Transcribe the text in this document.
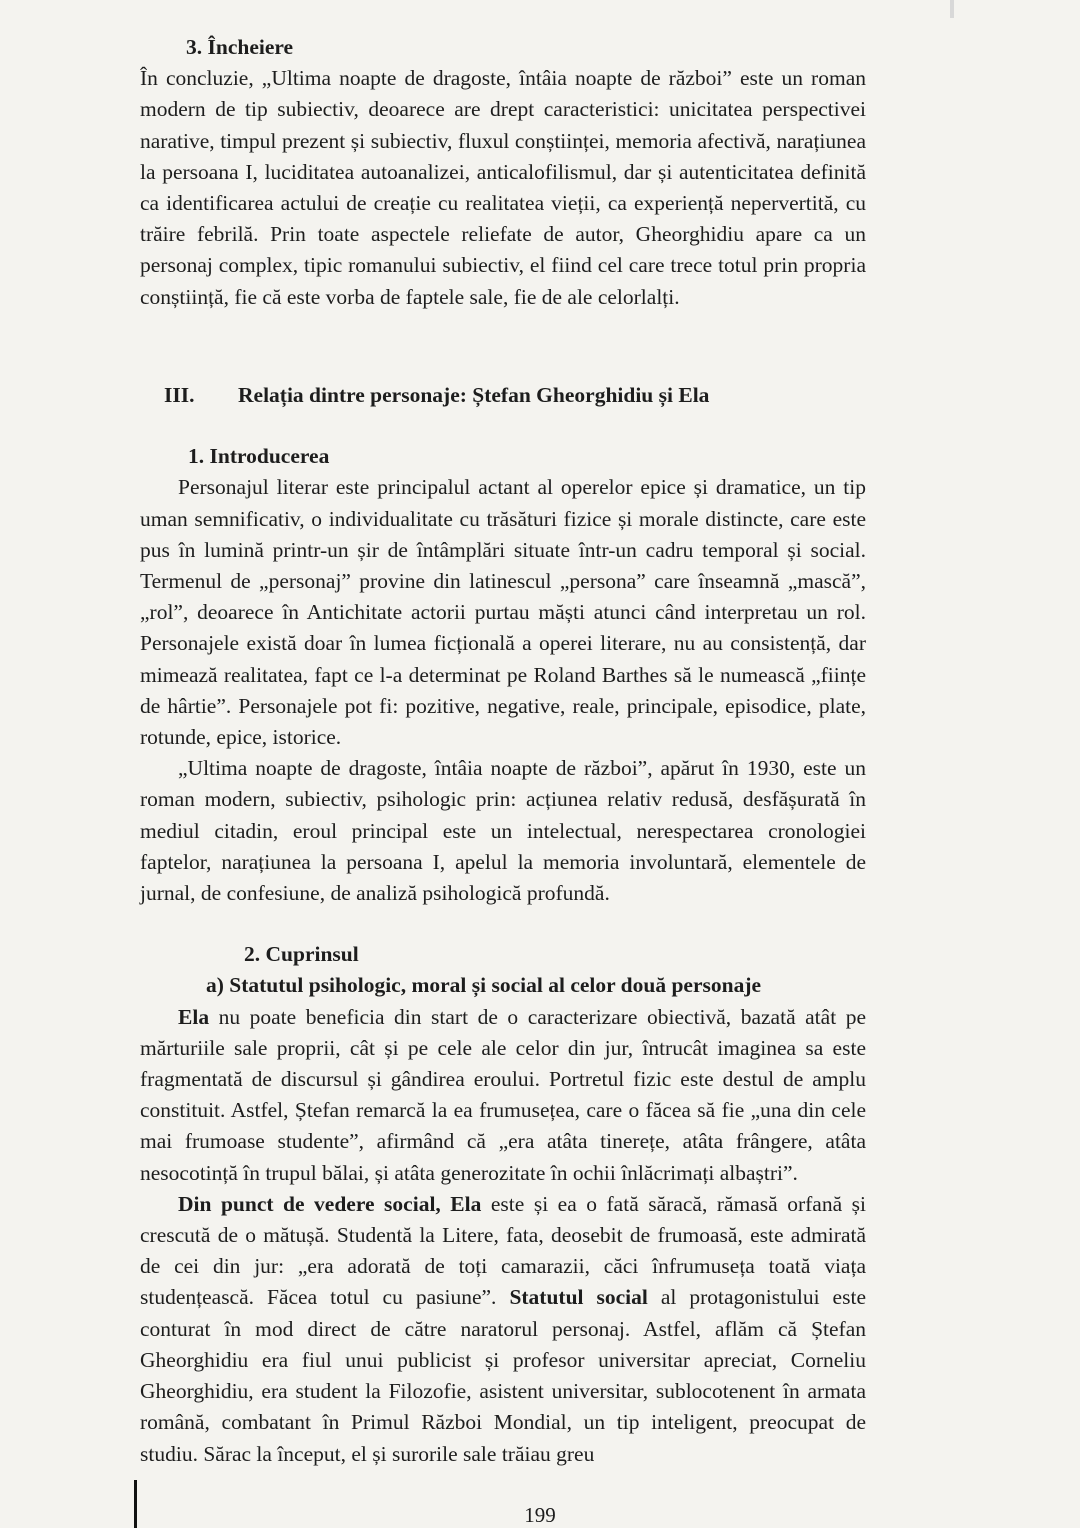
3. Încheiere

În concluzie, „Ultima noapte de dragoste, întâia noapte de război” este un roman modern de tip subiectiv, deoarece are drept caracteristici: unicitatea perspectivei narative, timpul prezent și subiectiv, fluxul conștiinței, memoria afectivă, narațiunea la persoana I, luciditatea autoanalizei, anticalofilismul, dar și autenticitatea definită ca identificarea actului de creație cu realitatea vieții, ca experiență nepervertită, cu trăire febrilă. Prin toate aspectele reliefate de autor, Gheorghidiu apare ca un personaj complex, tipic romanului subiectiv, el fiind cel care trece totul prin propria conștiință, fie că este vorba de faptele sale, fie de ale celorlalți.

III. Relația dintre personaje: Ștefan Gheorghidiu și Ela

1. Introducerea

Personajul literar este principalul actant al operelor epice și dramatice, un tip uman semnificativ, o individualitate cu trăsături fizice și morale distincte, care este pus în lumină printr-un șir de întâmplări situate într-un cadru temporal și social. Termenul de „personaj” provine din latinescul „persona” care înseamnă „mască”, „rol”, deoarece în Antichitate actorii purtau măști atunci când interpretau un rol. Personajele există doar în lumea ficțională a operei literare, nu au consistență, dar mimează realitatea, fapt ce l-a determinat pe Roland Barthes să le numească „ființe de hârtie”. Personajele pot fi: pozitive, negative, reale, principale, episodice, plate, rotunde, epice, istorice.

„Ultima noapte de dragoste, întâia noapte de război”, apărut în 1930, este un roman modern, subiectiv, psihologic prin: acțiunea relativ redusă, desfășurată în mediul citadin, eroul principal este un intelectual, nerespectarea cronologiei faptelor, narațiunea la persoana I, apelul la memoria involuntară, elementele de jurnal, de confesiune, de analiză psihologică profundă.

2. Cuprinsul

a) Statutul psihologic, moral și social al celor două personaje

Ela nu poate beneficia din start de o caracterizare obiectivă, bazată atât pe mărturiile sale proprii, cât și pe cele ale celor din jur, întrucât imaginea sa este fragmentată de discursul și gândirea eroului. Portretul fizic este destul de amplu constituit. Astfel, Ștefan remarcă la ea frumusețea, care o făcea să fie „una din cele mai frumoase studente”, afirmând că „era atâta tinerețe, atâta frângere, atâta nesocotință în trupul bălai, și atâta generozitate în ochii înlăcrimați albaștri”.

Din punct de vedere social, Ela este și ea o fată săracă, rămasă orfană și crescută de o mătușă. Studentă la Litere, fata, deosebit de frumoasă, este admirată de cei din jur: „era adorată de toți camarazii, căci înfrumuseța toată viața studențească. Făcea totul cu pasiune”. Statutul social al protagonistului este conturat în mod direct de către naratorul personaj. Astfel, aflăm că Ștefan Gheorghidiu era fiul unui publicist și profesor universitar apreciat, Corneliu Gheorghidiu, era student la Filozofie, asistent universitar, sublocotenent în armata română, combatant în Primul Război Mondial, un tip inteligent, preocupat de studiu. Sărac la început, el și surorile sale trăiau greu

199
